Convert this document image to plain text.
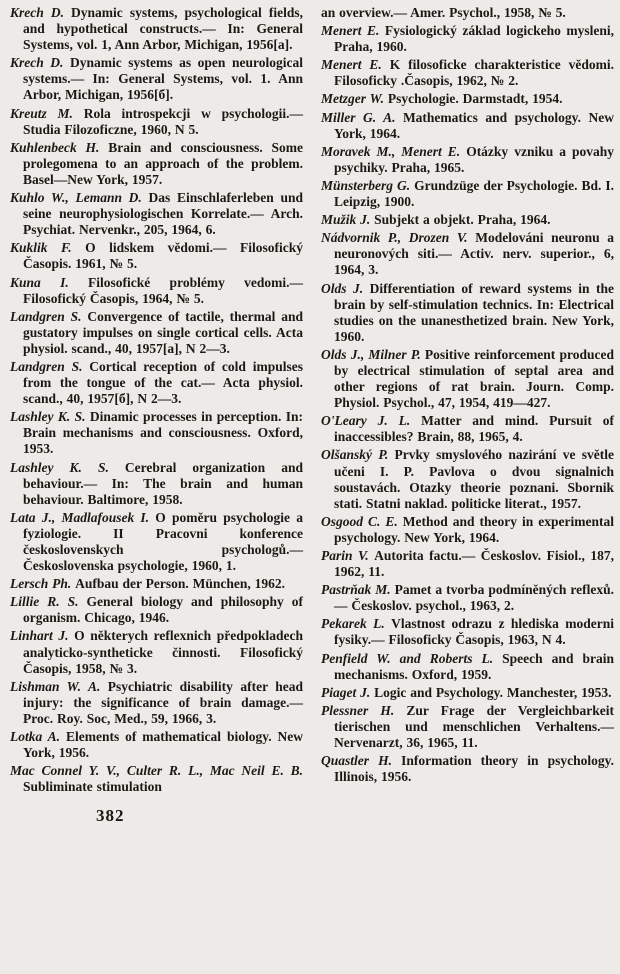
Krech D. Dynamic systems, psychological fields, and hypothetical constructs.— In: General Systems, vol. 1, Ann Arbor, Michigan, 1956[a].

Krech D. Dynamic systems as open neurological systems.— In: General Systems, vol. 1. Ann Arbor, Michigan, 1956[б].

Kreutz M. Rola introspekcji w psychologii.— Studia Filozoficzne, 1960, N 5.

Kuhlenbeck H. Brain and consciousness. Some prolegomena to an approach of the problem. Basel—New York, 1957.

Kuhlo W., Lemann D. Das Einschlaferleben und seine neurophysiologischen Korrelate.— Arch. Psychiat. Nervenkr., 205, 1964, 6.

Kuklik F. O lidskem vědomi.— Filosofický Časopis. 1961, № 5.

Kuna I. Filosofické problémy vedomi.— Filosofický Časopis, 1964, № 5.

Landgren S. Convergence of tactile, thermal and gustatory impulses on single cortical cells. Acta physiol. scand., 40, 1957[a], N 2—3.

Landgren S. Cortical reception of cold impulses from the tongue of the cat.— Acta physiol. scand., 40, 1957[б], N 2—3.

Lashley K. S. Dinamic processes in perception. In: Brain mechanisms and consciousness. Oxford, 1953.

Lashley K. S. Cerebral organization and behaviour.— In: The brain and human behaviour. Baltimore, 1958.

Lata J., Madlafousek I. O poměru psychologie a fyziologie. II Pracovni konference československych psychologů.— Československa psychologie, 1960, 1.

Lersch Ph. Aufbau der Person. München, 1962.

Lillie R. S. General biology and philosophy of organism. Chicago, 1946.

Linhart J. O některych reflexnich předpokladech analyticko-syntheticke činnosti. Filosofický Časopis, 1958, № 3.

Lishman W. A. Psychiatric disability after head injury: the significance of brain damage.— Proc. Roy. Soc, Med., 59, 1966, 3.

Lotka A. Elements of mathematical biology. New York, 1956.

Mac Connel Y. V., Culter R. L., Mac Neil E. B. Subliminate stimulation

an overview.— Amer. Psychol., 1958, № 5.

Menert E. Fysiologický základ logickeho mysleni, Praha, 1960.

Menert E. K filosoficke charakteristice vědomi. Filosoficky .Časopis, 1962, № 2.

Metzger W. Psychologie. Darmstadt, 1954.

Miller G. A. Mathematics and psychology. New York, 1964.

Moravek M., Menert E. Otázky vzniku a povahy psychiky. Praha, 1965.

Münsterberg G. Grundzüge der Psychologie. Bd. I. Leipzig, 1900.

Mužik J. Subjekt a objekt. Praha, 1964.

Nádvornik P., Drozen V. Modelováni neuronu a neuronových siti.— Activ. nerv. superior., 6, 1964, 3.

Olds J. Differentiation of reward systems in the brain by self-stimulation technics. In: Electrical studies on the unanesthetized brain. New York, 1960.

Olds J., Milner P. Positive reinforcement produced by electrical stimulation of septal area and other regions of rat brain. Journ. Comp. Physiol. Psychol., 47, 1954, 419—427.

O'Leary J. L. Matter and mind. Pursuit of inaccessibles? Brain, 88, 1965, 4.

Olšanský P. Prvky smyslového nazirání ve světle učeni I. P. Pavlova o dvou signalnich soustavách. Otazky theorie poznani. Sbornik stati. Statni naklad. politicke literat., 1957.

Osgood C. E. Method and theory in experimental psychology. New York, 1964.

Parin V. Autorita factu.— Českoslov. Fisiol., 187, 1962, 11.

Pastrňak M. Pamet a tvorba podmíněných reflexů.— Českoslov. psychol., 1963, 2.

Pekarek L. Vlastnost odrazu z hlediska moderni fysiky.— Filosoficky Časopis, 1963, N 4.

Penfield W. and Roberts L. Speech and brain mechanisms. Oxford, 1959.

Piaget J. Logic and Psychology. Manchester, 1953.

Plessner H. Zur Frage der Vergleichbarkeit tierischen und menschlichen Verhaltens.— Nervenarzt, 36, 1965, 11.

Quastler H. Information theory in psychology. Illinois, 1956.

382
